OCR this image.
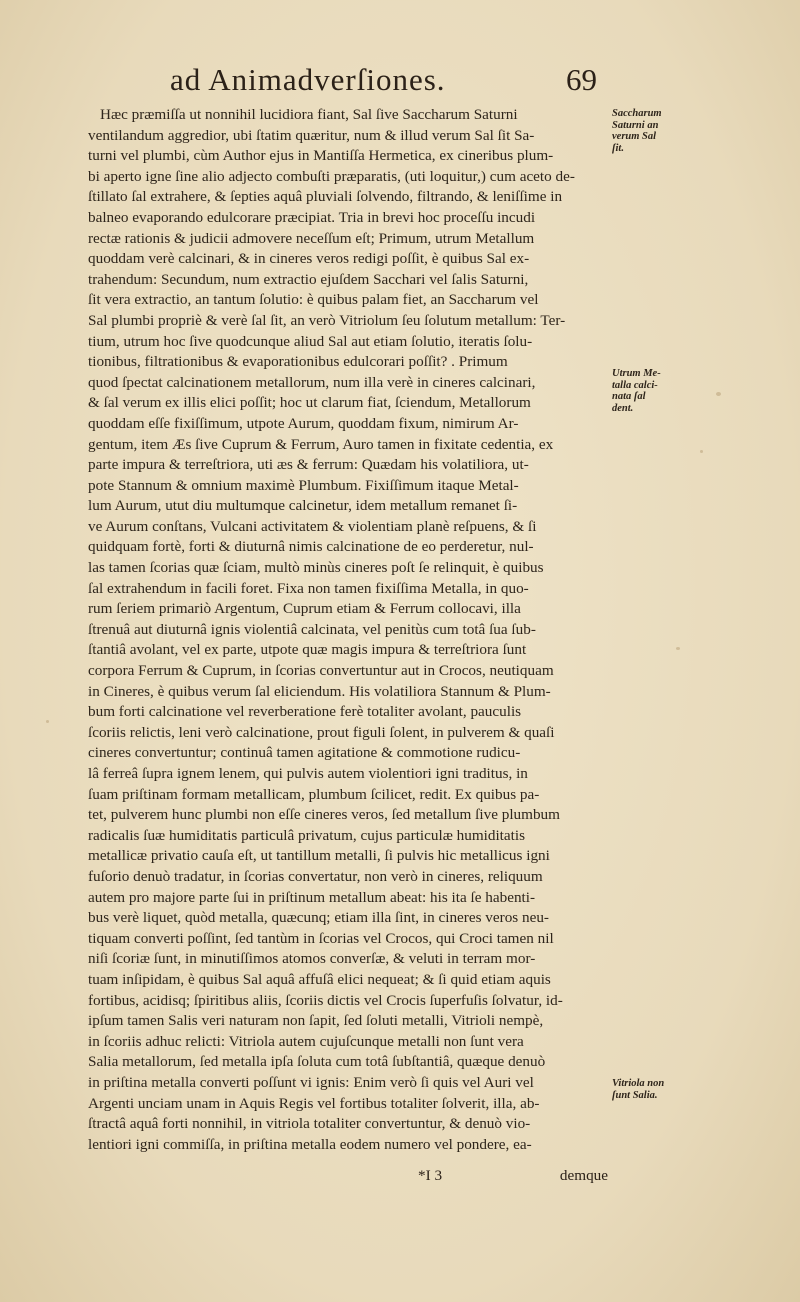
ad Animadverſiones.	69
Hæc præmiſſa ut nonnihil lucidiora fiant, Sal ſive Saccharum Saturni
ventilandum aggredior, ubi ſtatim quæritur, num & illud verum Sal ſit Sa-
turni vel plumbi, cùm Author ejus in Mantiſſa Hermetica, ex cineribus plum-
bi aperto igne ſine alio adjecto combuſti præparatis, (uti loquitur,) cum aceto de-
ſtillato ſal extrahere, & ſepties aquâ pluviali ſolvendo, filtrando, & leniſſime in
balneo evaporando edulcorare præcipiat. Tria in brevi hoc proceſſu incudi
rectæ rationis & judicii admovere neceſſum eſt; Primum, utrum Metallum
quoddam verè calcinari, & in cineres veros redigi poſſit, è quibus Sal ex-
trahendum: Secundum, num extractio ejuſdem Sacchari vel ſalis Saturni,
ſit vera extractio, an tantum ſolutio: è quibus palam fiet, an Saccharum vel
Sal plumbi propriè & verè ſal ſit, an verò Vitriolum ſeu ſolutum metallum: Ter-
tium, utrum hoc ſive quodcunque aliud Sal aut etiam ſolutio, iteratis ſolu-
tionibus, filtrationibus & evaporationibus edulcorari poſſit? . Primum
quod ſpectat calcinationem metallorum, num illa verè in cineres calcinari,
& ſal verum ex illis elici poſſit; hoc ut clarum fiat, ſciendum, Metallorum
quoddam eſſe fixiſſimum, utpote Aurum, quoddam fixum, nimirum Ar-
gentum, item Æs ſive Cuprum & Ferrum, Auro tamen in fixitate cedentia, ex
parte impura & terreſtriora, uti æs & ferrum: Quædam his volatiliora, ut-
pote Stannum & omnium maximè Plumbum. Fixiſſimum itaque Metal-
lum Aurum, utut diu multumque calcinetur, idem metallum remanet ſi-
ve Aurum conſtans, Vulcani activitatem & violentiam planè reſpuens, & ſi
quidquam fortè, forti & diuturnâ nimis calcinatione de eo perderetur, nul-
las tamen ſcorias quæ ſciam, multò minùs cineres poſt ſe relinquit, è quibus
ſal extrahendum in facili foret. Fixa non tamen fixiſſima Metalla, in quo-
rum ſeriem primariò Argentum, Cuprum etiam & Ferrum collocavi, illa
ſtrenuâ aut diuturnâ ignis violentiâ calcinata, vel penitùs cum totâ ſua ſub-
ſtantiâ avolant, vel ex parte, utpote quæ magis impura & terreſtriora ſunt
corpora Ferrum & Cuprum, in ſcorias convertuntur aut in Crocos, neutiquam
in Cineres, è quibus verum ſal eliciendum. His volatiliora Stannum & Plum-
bum forti calcinatione vel reverberatione ferè totaliter avolant, pauculis
ſcoriis relictis, leni verò calcinatione, prout figuli ſolent, in pulverem & quaſi
cineres convertuntur; continuâ tamen agitatione & commotione rudicu-
lâ ferreâ ſupra ignem lenem, qui pulvis autem violentiori igni traditus, in
ſuam priſtinam formam metallicam, plumbum ſcilicet, redit. Ex quibus pa-
tet, pulverem hunc plumbi non eſſe cineres veros, ſed metallum ſive plumbum
radicalis ſuæ humiditatis particulâ privatum, cujus particulæ humiditatis
metallicæ privatio cauſa eſt, ut tantillum metalli, ſi pulvis hic metallicus igni
fuſorio denuò tradatur, in ſcorias convertatur, non verò in cineres, reliquum
autem pro majore parte ſui in priſtinum metallum abeat: his ita ſe habenti-
bus verè liquet, quòd metalla, quæcunq; etiam illa ſint, in cineres veros neu-
tiquam converti poſſint, ſed tantùm in ſcorias vel Crocos, qui Croci tamen nil
niſi ſcoriæ ſunt, in minutiſſimos atomos converſæ, & veluti in terram mor-
tuam inſipidam, è quibus Sal aquâ affuſâ elici nequeat; & ſi quid etiam aquis
fortibus, acidisq; ſpiritibus aliis, ſcoriis dictis vel Crocis ſuperfuſis ſolvatur, id-
ipſum tamen Salis veri naturam non ſapit, ſed ſoluti metalli, Vitrioli nempè,
in ſcoriis adhuc relicti: Vitriola autem cujuſcunque metalli non ſunt vera
Salia metallorum, ſed metalla ipſa ſoluta cum totâ ſubſtantiâ, quæque denuò
in priſtina metalla converti poſſunt vi ignis: Enim verò ſi quis vel Auri vel
Argenti unciam unam in Aquis Regis vel fortibus totaliter ſolverit, illa, ab-
ſtractâ aquâ forti nonnihil, in vitriola totaliter convertuntur, & denuò vio-
lentiori igni commiſſa, in priſtina metalla eodem numero vel pondere, ea-
Saccharum
Saturni an
verum Sal
ſit.
Utrum Me-
talla calci-
nata ſal
dent.
Vitriola non
ſunt Salia.
*I 3	demque
